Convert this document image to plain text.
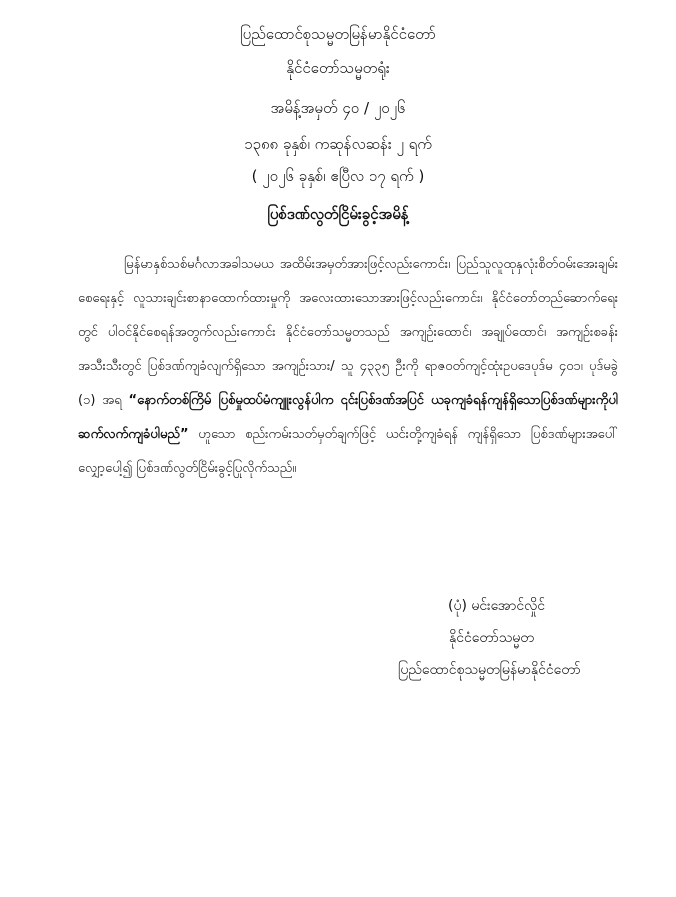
ပြည်ထောင်စုသမ္မတမြန်မာနိုင်ငံတော်
နိုင်ငံတော်သမ္မတရုံး
အမိန့်အမှတ် ၄၀ / ၂၀၂၆
၁၃၈၈ ခုနှစ်၊ ကဆုန်လဆန်း ၂ ရက်
( ၂၀၂၆ ခုနှစ်၊ ဧပြီလ ၁၇ ရက် )
ပြစ်ဒဏ်လွတ်ငြိမ်းခွင့်အမိန့်
မြန်မာနှစ်သစ်မင်္ဂလာအခါသမယ အထိမ်းအမှတ်အားဖြင့်လည်းကောင်း၊ ပြည်သူလူထုနှလုံးစိတ်ဝမ်းအေးချမ်းစေရေးနှင့် လူသားချင်းစာနာထောက်ထားမှုကို အလေးထားသောအားဖြင့်လည်းကောင်း၊ နိုင်ငံတော်တည်ဆောက်ရေးတွင် ပါဝင်နိုင်စေရန်အတွက်လည်းကောင်း နိုင်ငံတော်သမ္မတသည် အကျဉ်းထောင်၊ အချုပ်ထောင်၊ အကျဉ်းစခန်းအသီးသီးတွင် ပြစ်ဒဏ်ကျခံလျက်ရှိသော အကျဉ်းသား/ သူ ၄၃၃၅ ဦးကို ရာဇဝတ်ကျင့်ထုံးဥပဒေပုဒ်မ ၄၀၁၊ ပုဒ်မခွဲ (၁) အရ “နောက်တစ်ကြိမ် ပြစ်မှုထပ်မံကျူးလွန်ပါက ၎င်းပြစ်ဒဏ်အပြင် ယခုကျခံရန်ကျန်ရှိသောပြစ်ဒဏ်များကိုပါ ဆက်လက်ကျခံပါမည်” ဟူသော စည်းကမ်းသတ်မှတ်ချက်ဖြင့် ယင်းတို့ကျခံရန် ကျန်ရှိသော ပြစ်ဒဏ်များအပေါ် လျှော့ပေါ့၍ ပြစ်ဒဏ်လွတ်ငြိမ်းခွင့်ပြုလိုက်သည်။
(ပုံ) မင်းအောင်လှိုင်
နိုင်ငံတော်သမ္မတ
ပြည်ထောင်စုသမ္မတမြန်မာနိုင်ငံတော်
